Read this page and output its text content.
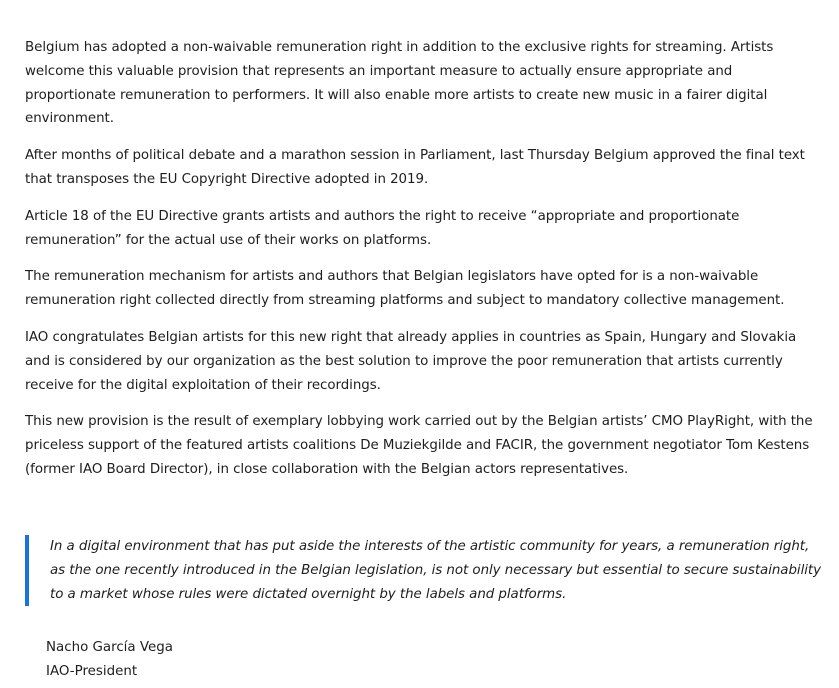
Belgium has adopted a non-waivable remuneration right in addition to the exclusive rights for streaming. Artists welcome this valuable provision that represents an important measure to actually ensure appropriate and proportionate remuneration to performers. It will also enable more artists to create new music in a fairer digital environment.

After months of political debate and a marathon session in Parliament, last Thursday Belgium approved the final text that transposes the EU Copyright Directive adopted in 2019.

Article 18 of the EU Directive grants artists and authors the right to receive “appropriate and proportionate remuneration” for the actual use of their works on platforms.

The remuneration mechanism for artists and authors that Belgian legislators have opted for is a non-waivable remuneration right collected directly from streaming platforms and subject to mandatory collective management.

IAO congratulates Belgian artists for this new right that already applies in countries as Spain, Hungary and Slovakia and is considered by our organization as the best solution to improve the poor remuneration that artists currently receive for the digital exploitation of their recordings.

This new provision is the result of exemplary lobbying work carried out by the Belgian artists’ CMO PlayRight, with the priceless support of the featured artists coalitions De Muziekgilde and FACIR, the government negotiator Tom Kestens (former IAO Board Director), in close collaboration with the Belgian actors representatives.

In a digital environment that has put aside the interests of the artistic community for years, a remuneration right, as the one recently introduced in the Belgian legislation, is not only necessary but essential to secure sustainability to a market whose rules were dictated overnight by the labels and platforms.

Nacho García Vega
IAO-President
